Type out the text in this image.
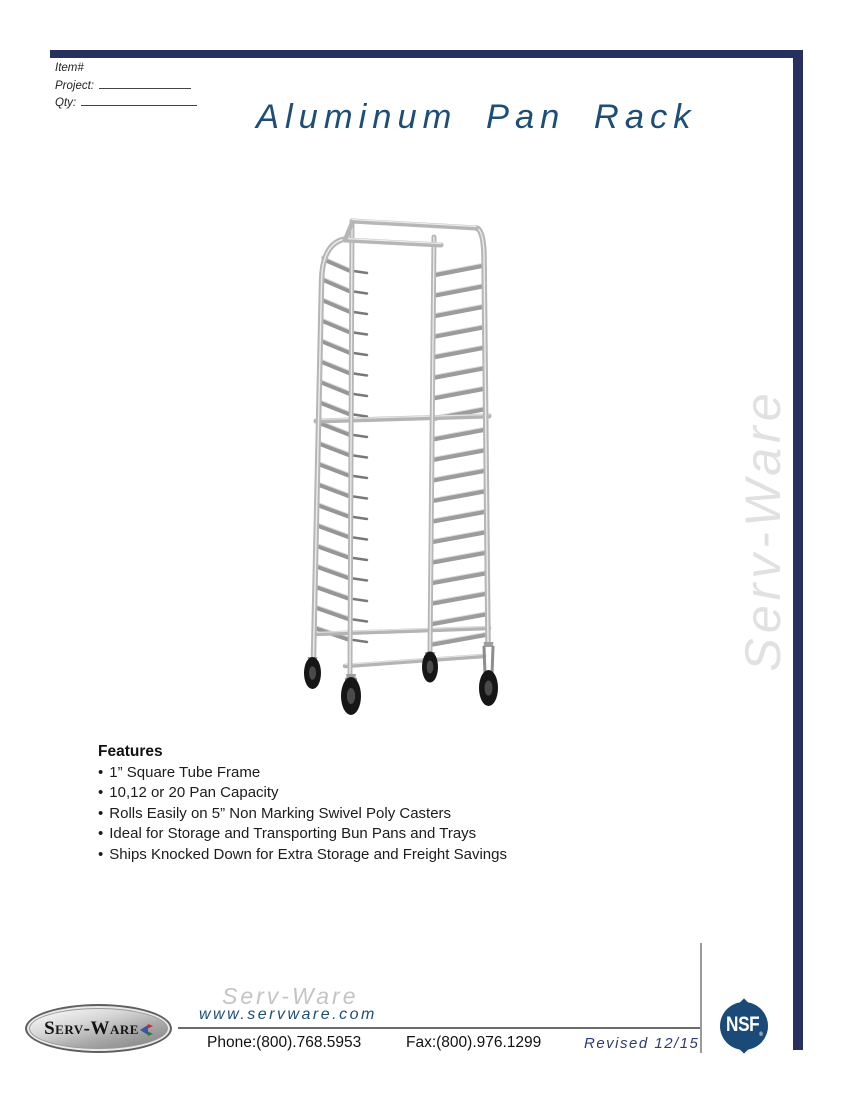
Item#
Project:
Qty:	Aluminum Pan Rack
Serv-Ware
Features
• 1” Square Tube Frame
• 10,12 or 20 Pan Capacity
• Rolls Easily on 5” Non Marking Swivel Poly Casters
• Ideal for Storage and Transporting Bun Pans and Trays
• Ships Knocked Down for Extra Storage and Freight Savings
Serv-Ware
Serv-Ware
www.servware.com
Phone:(800).768.5953	Fax:(800).976.1299	Revised 12/15
$NSF_®$
